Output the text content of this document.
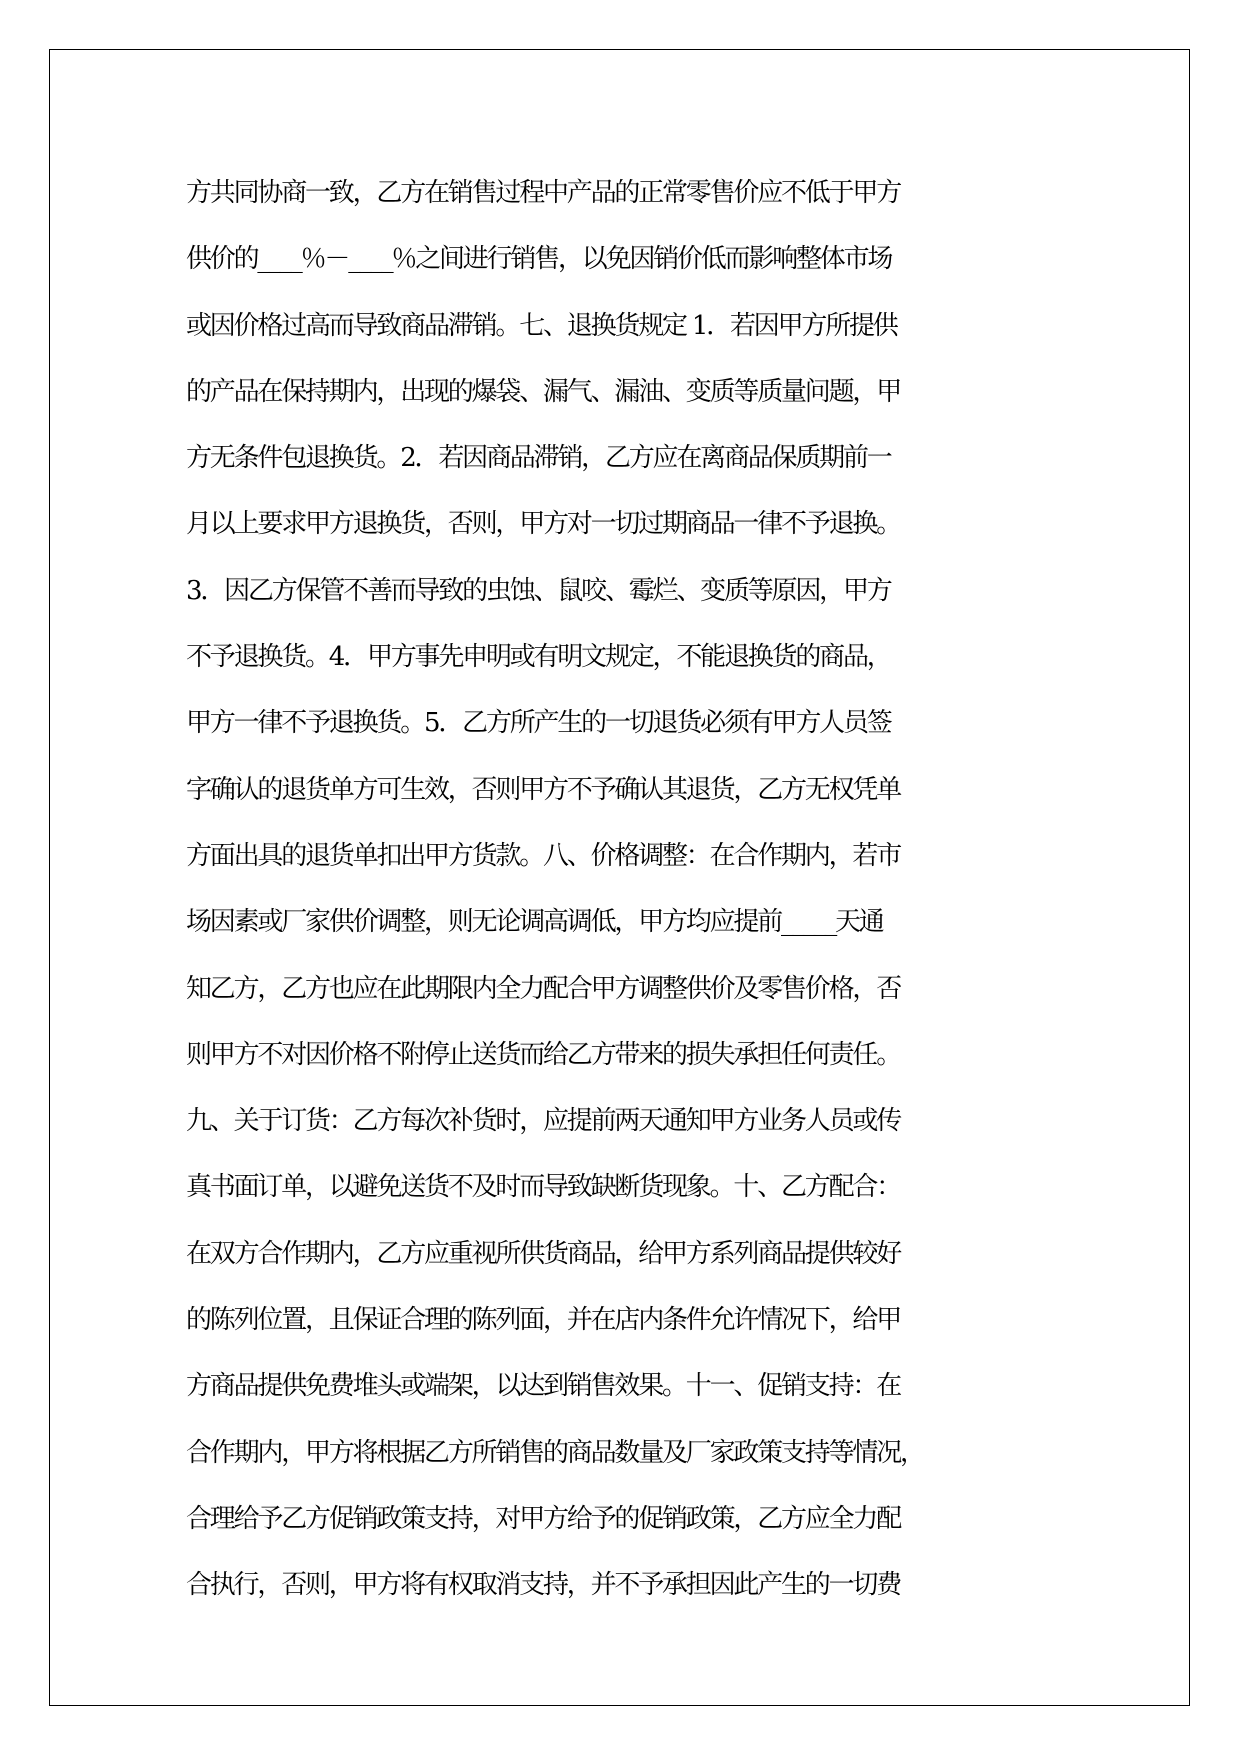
方共同协商一致，乙方在销售过程中产品的正常零售价应不低于甲方
供价的____％－____％之间进行销售，以免因销价低而影响整体市场
或因价格过高而导致商品滞销。七、退换货规定 1．若因甲方所提供
的产品在保持期内，出现的爆袋、漏气、漏油、变质等质量问题，甲
方无条件包退换货。2．若因商品滞销，乙方应在离商品保质期前一
月以上要求甲方退换货，否则，甲方对一切过期商品一律不予退换。
3．因乙方保管不善而导致的虫蚀、鼠咬、霉烂、变质等原因，甲方
不予退换货。4．甲方事先申明或有明文规定，不能退换货的商品，
甲方一律不予退换货。5．乙方所产生的一切退货必须有甲方人员签
字确认的退货单方可生效，否则甲方不予确认其退货，乙方无权凭单
方面出具的退货单扣出甲方货款。八、价格调整：在合作期内，若市
场因素或厂家供价调整，则无论调高调低，甲方均应提前_____天通
知乙方，乙方也应在此期限内全力配合甲方调整供价及零售价格，否
则甲方不对因价格不附停止送货而给乙方带来的损失承担任何责任。
九、关于订货：乙方每次补货时，应提前两天通知甲方业务人员或传
真书面订单，以避免送货不及时而导致缺断货现象。十、乙方配合：
在双方合作期内，乙方应重视所供货商品，给甲方系列商品提供较好
的陈列位置，且保证合理的陈列面，并在店内条件允许情况下，给甲
方商品提供免费堆头或端架，以达到销售效果。十一、促销支持：在
合作期内，甲方将根据乙方所销售的商品数量及厂家政策支持等情况，
合理给予乙方促销政策支持，对甲方给予的促销政策，乙方应全力配
合执行，否则，甲方将有权取消支持，并不予承担因此产生的一切费
